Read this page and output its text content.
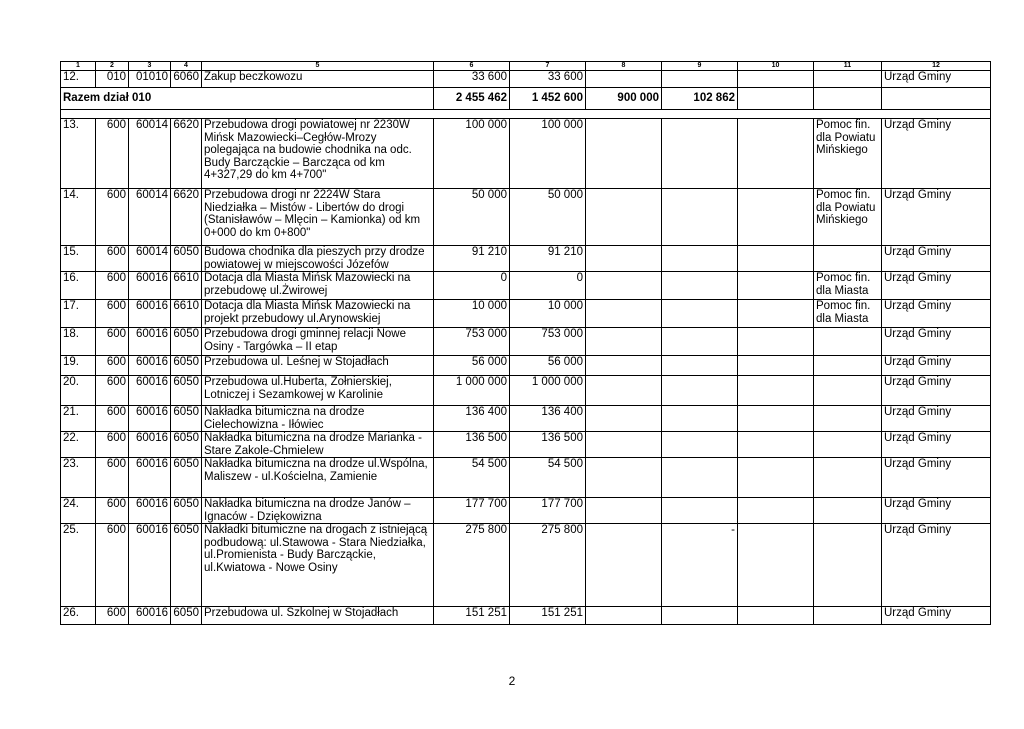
1	2	3	4	5	6	7	8	9	10	11	12
12.	010	01010	6060	Zakup beczkowozu	33 600	33 600					Urząd Gminy
Razem dział 010					2 455 462	1 452 600	900 000	102 862			

13.	600	60014	6620	Przebudowa drogi powiatowej nr 2230W Mińsk Mazowiecki–Cegłów-Mrozy polegająca na budowie chodnika na odc. Budy Barcząckie – Barcząca od km 4+327,29 do km 4+700"	100 000	100 000				Pomoc fin. dla Powiatu Mińskiego	Urząd Gminy
14.	600	60014	6620	Przebudowa drogi nr 2224W Stara Niedziałka – Mistów - Libertów do drogi (Stanisławów – Mlęcin – Kamionka) od km 0+000 do km 0+800"	50 000	50 000				Pomoc fin. dla Powiatu Mińskiego	Urząd Gminy
15.	600	60014	6050	Budowa chodnika dla pieszych przy drodze powiatowej w miejscowości Józefów	91 210	91 210					Urząd Gminy
16.	600	60016	6610	Dotacja dla Miasta Mińsk Mazowiecki na przebudowę ul.Żwirowej	0	0				Pomoc fin. dla Miasta	Urząd Gminy
17.	600	60016	6610	Dotacja dla Miasta Mińsk Mazowiecki na projekt przebudowy ul.Arynowskiej	10 000	10 000				Pomoc fin. dla Miasta	Urząd Gminy
18.	600	60016	6050	Przebudowa drogi gminnej relacji Nowe Osiny - Targówka – II etap	753 000	753 000					Urząd Gminy
19.	600	60016	6050	Przebudowa ul. Leśnej w Stojadłach	56 000	56 000					Urząd Gminy
20.	600	60016	6050	Przebudowa ul.Huberta, Żołnierskiej, Lotniczej i Sezamkowej w Karolinie	1 000 000	1 000 000					Urząd Gminy
21.	600	60016	6050	Nakładka bitumiczna na drodze Cielechowizna - Iłówiec	136 400	136 400					Urząd Gminy
22.	600	60016	6050	Nakładka bitumiczna na drodze Marianka - Stare Zakole-Chmielew	136 500	136 500					Urząd Gminy
23.	600	60016	6050	Nakładka bitumiczna na drodze ul.Wspólna, Maliszew - ul.Kościelna, Zamienie	54 500	54 500					Urząd Gminy
24.	600	60016	6050	Nakładka bitumiczna na drodze Janów – Ignaców - Dziękowizna	177 700	177 700					Urząd Gminy
25.	600	60016	6050	Nakładki bitumiczne na drogach z istniejącą podbudową: ul.Stawowa - Stara Niedziałka, ul.Promienista - Budy Barcząckie, ul.Kwiatowa - Nowe Osiny	275 800	275 800		-			Urząd Gminy
26.	600	60016	6050	Przebudowa ul. Szkolnej w Stojadłach	151 251	151 251					Urząd Gminy
2
